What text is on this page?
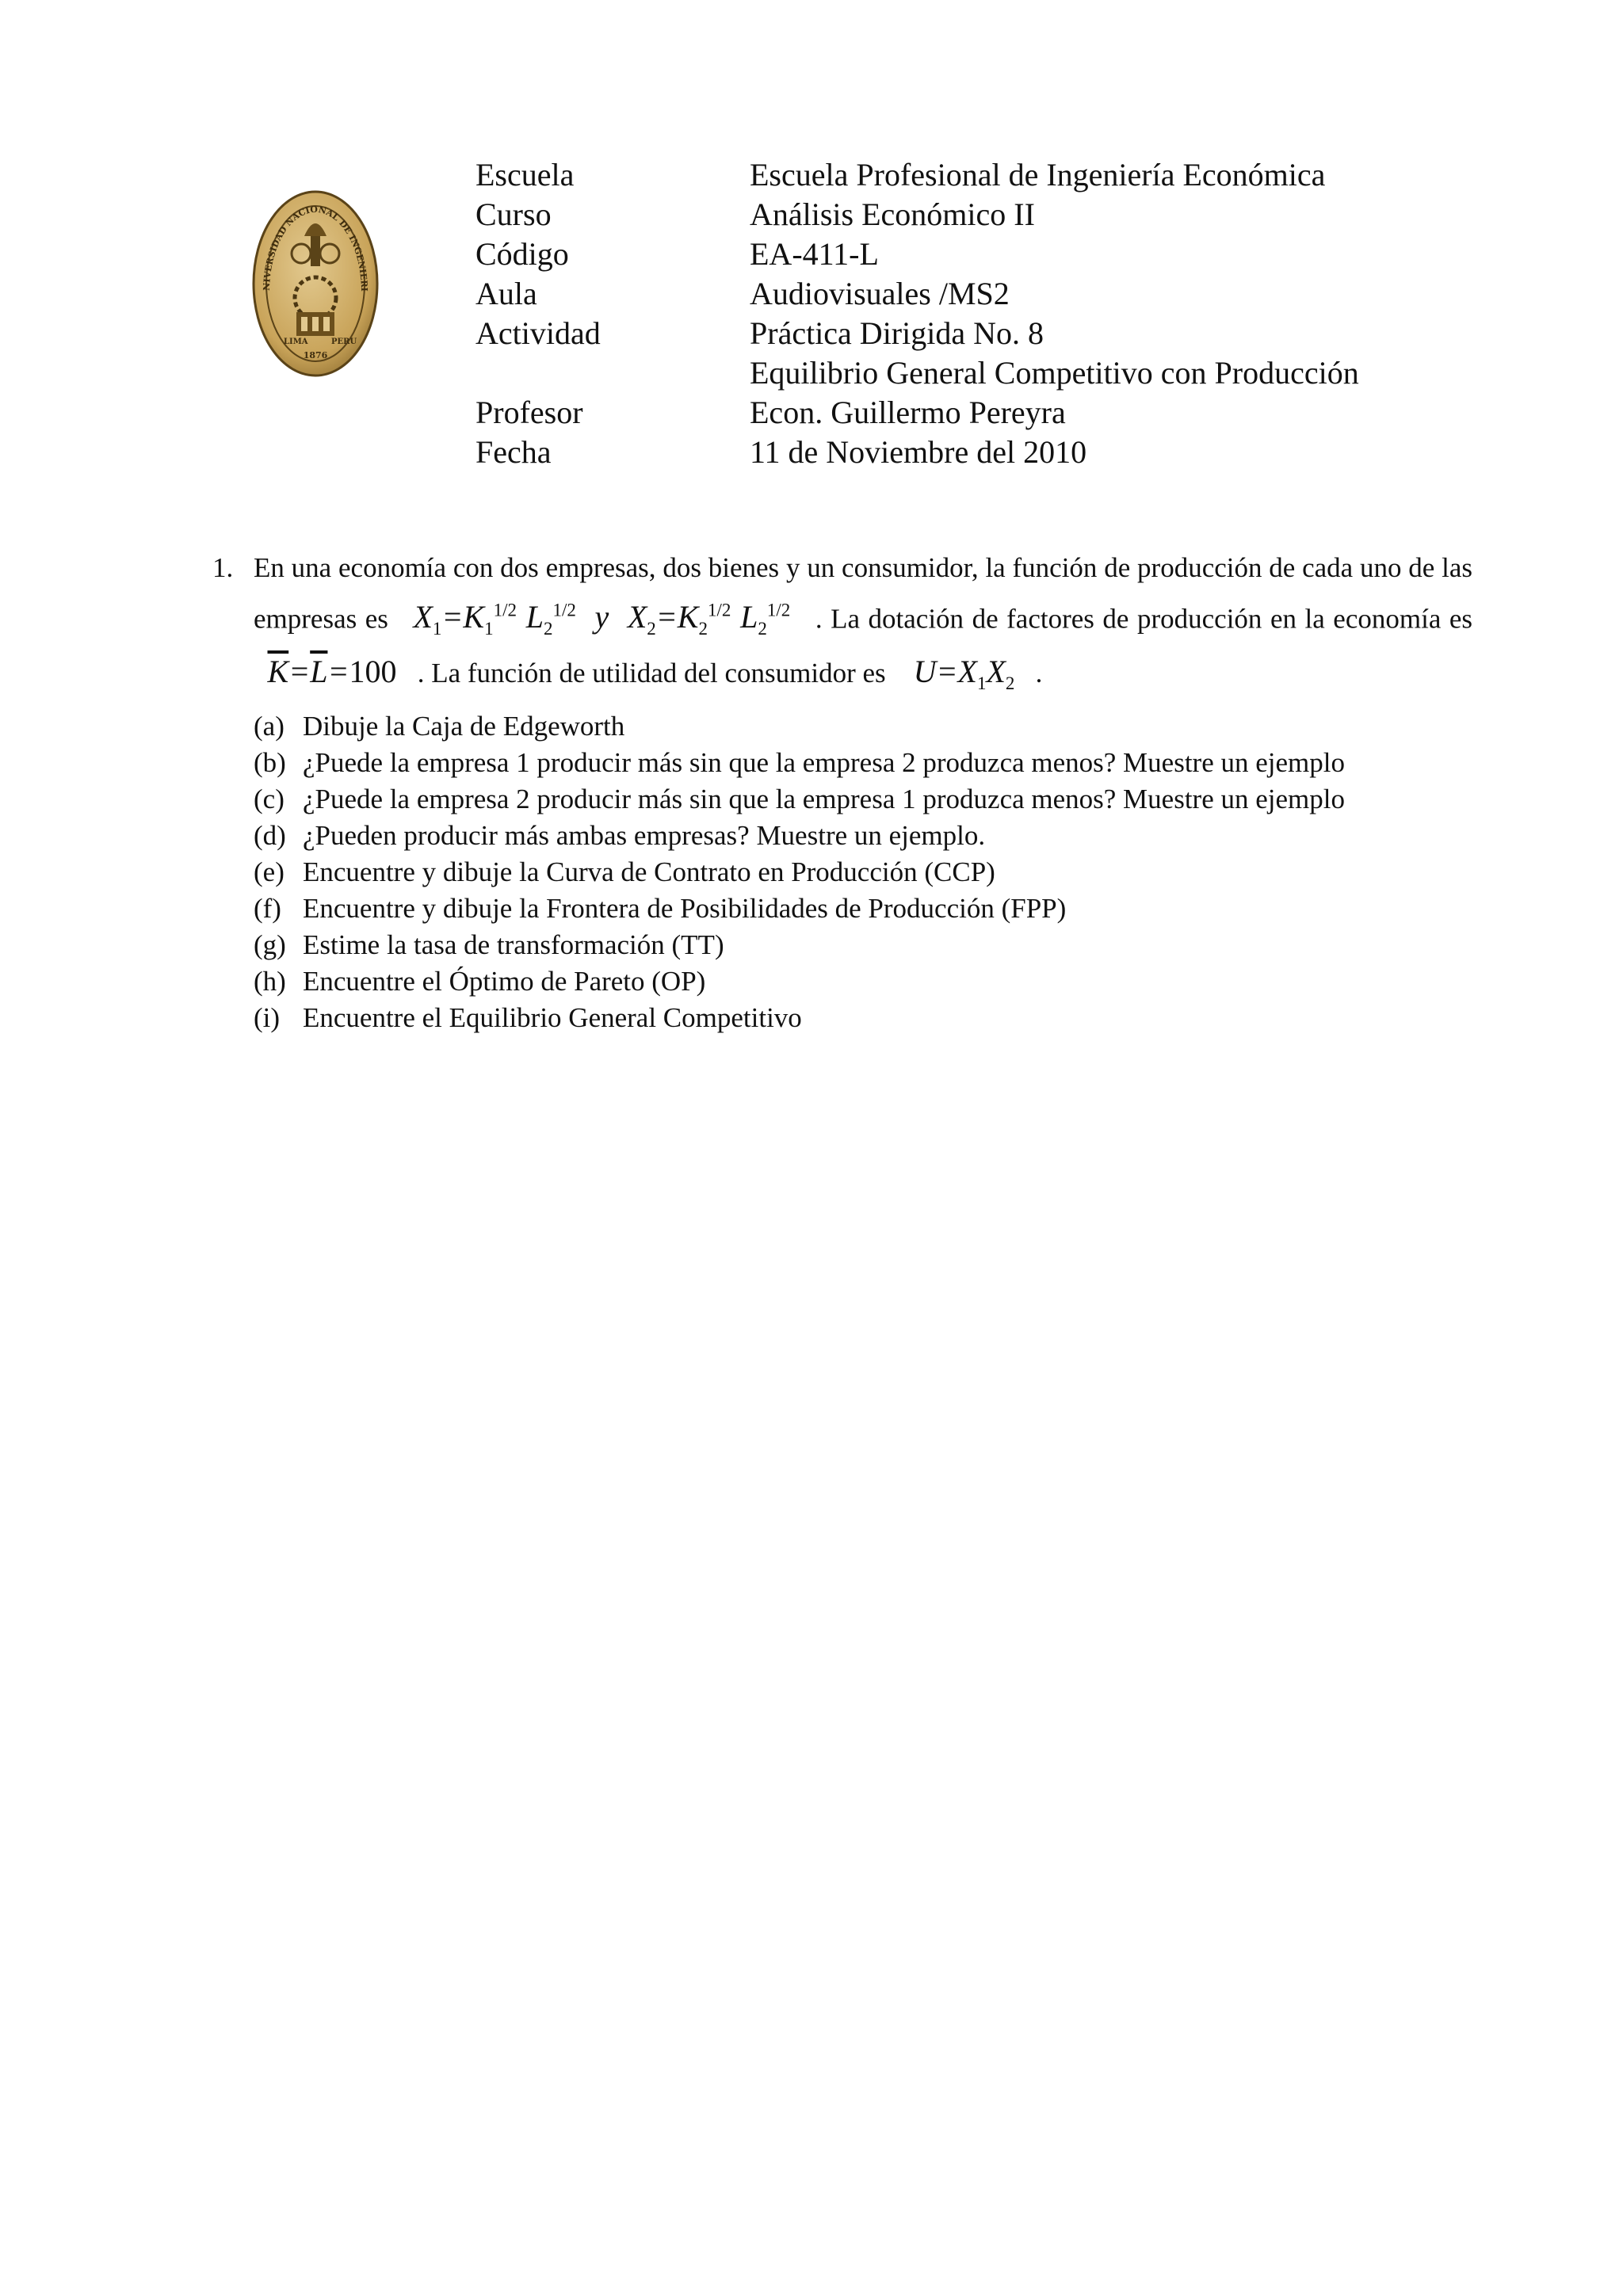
NIVERSIDAD NACIONAL DE INGENIERI
LIMA	PERU
1876
Escuela	Escuela Profesional de Ingeniería Económica
Curso	Análisis Económico II
Código	EA-411-L
Aula	Audiovisuales /MS2
Actividad	Práctica Dirigida No. 8
Equilibrio General Competitivo con Producción
Profesor	Econ. Guillermo Pereyra
Fecha	11 de Noviembre del 2010
1. En una economía con dos empresas, dos bienes y un consumidor, la función de producción de cada uno de las empresas es $X_1=K_1^{1/2}$ $L_2^{1/2}$ y $X_2=K_2^{1/2}$ $L_2^{1/2}$ . La dotación de factores de producción en la economía es   $\overline{K}=\overline{L}=100$ . La función de utilidad del consumidor es $U=X_1X_2$ .
(a) Dibuje la Caja de Edgeworth
(b) ¿Puede la empresa 1 producir más sin que la empresa 2 produzca menos? Muestre un ejemplo
(c) ¿Puede la empresa 2 producir más sin que la empresa 1 produzca menos? Muestre un ejemplo
(d) ¿Pueden producir más ambas empresas? Muestre un ejemplo.
(e) Encuentre y dibuje la Curva de Contrato en Producción (CCP)
(f) Encuentre y dibuje la Frontera de Posibilidades de Producción (FPP)
(g) Estime la tasa de transformación (TT)
(h) Encuentre el Óptimo de Pareto (OP)
(i) Encuentre el Equilibrio General Competitivo
